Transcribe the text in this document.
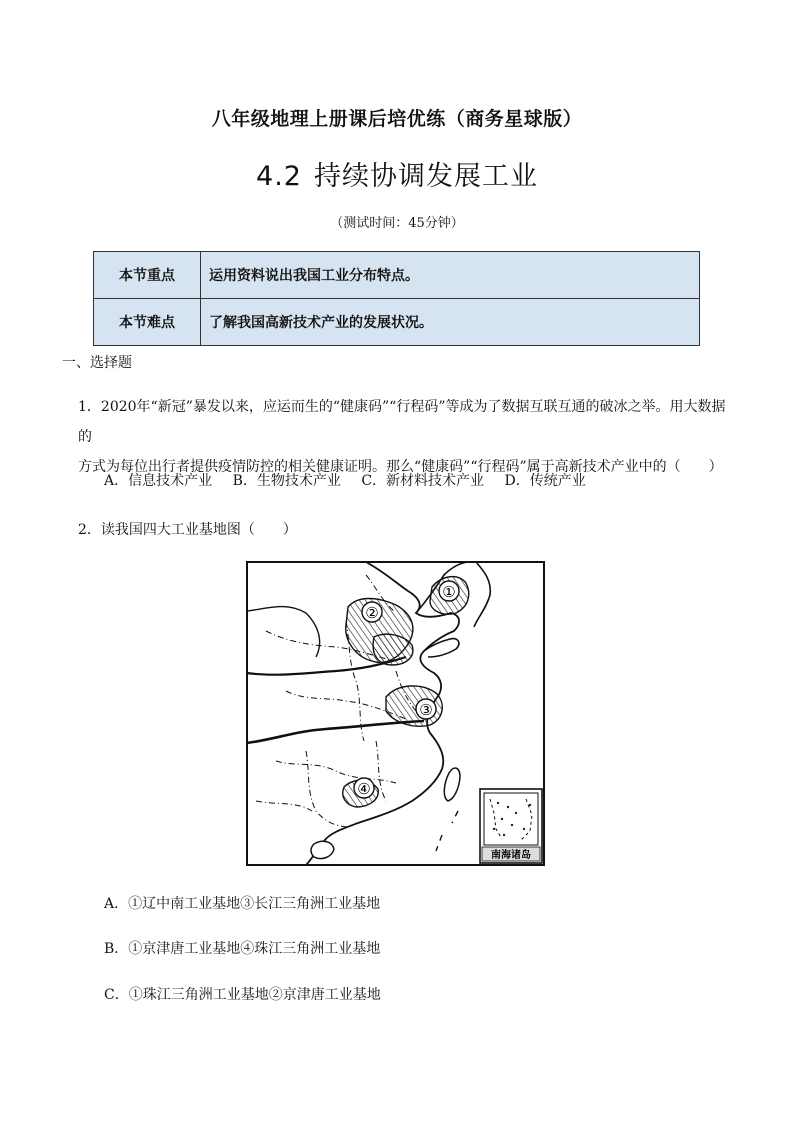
八年级地理上册课后培优练（商务星球版）
4.2 持续协调发展工业
（测试时间：45分钟）
本节重点	运用资料说出我国工业分布特点。
本节难点	了解我国高新技术产业的发展状况。
一、选择题
1．2020年“新冠”暴发以来，应运而生的“健康码”“行程码”等成为了数据互联互通的破冰之举。用大数据的
方式为每位出行者提供疫情防控的相关健康证明。那么“健康码”“行程码”属于高新技术产业中的（　　）
A．信息技术产业 B．生物技术产业 C．新材料技术产业 D．传统产业
2．读我国四大工业基地图（　　）
①
②
③
④
南海诸岛
A．①辽中南工业基地③长江三角洲工业基地
B．①京津唐工业基地④珠江三角洲工业基地
C．①珠江三角洲工业基地②京津唐工业基地
